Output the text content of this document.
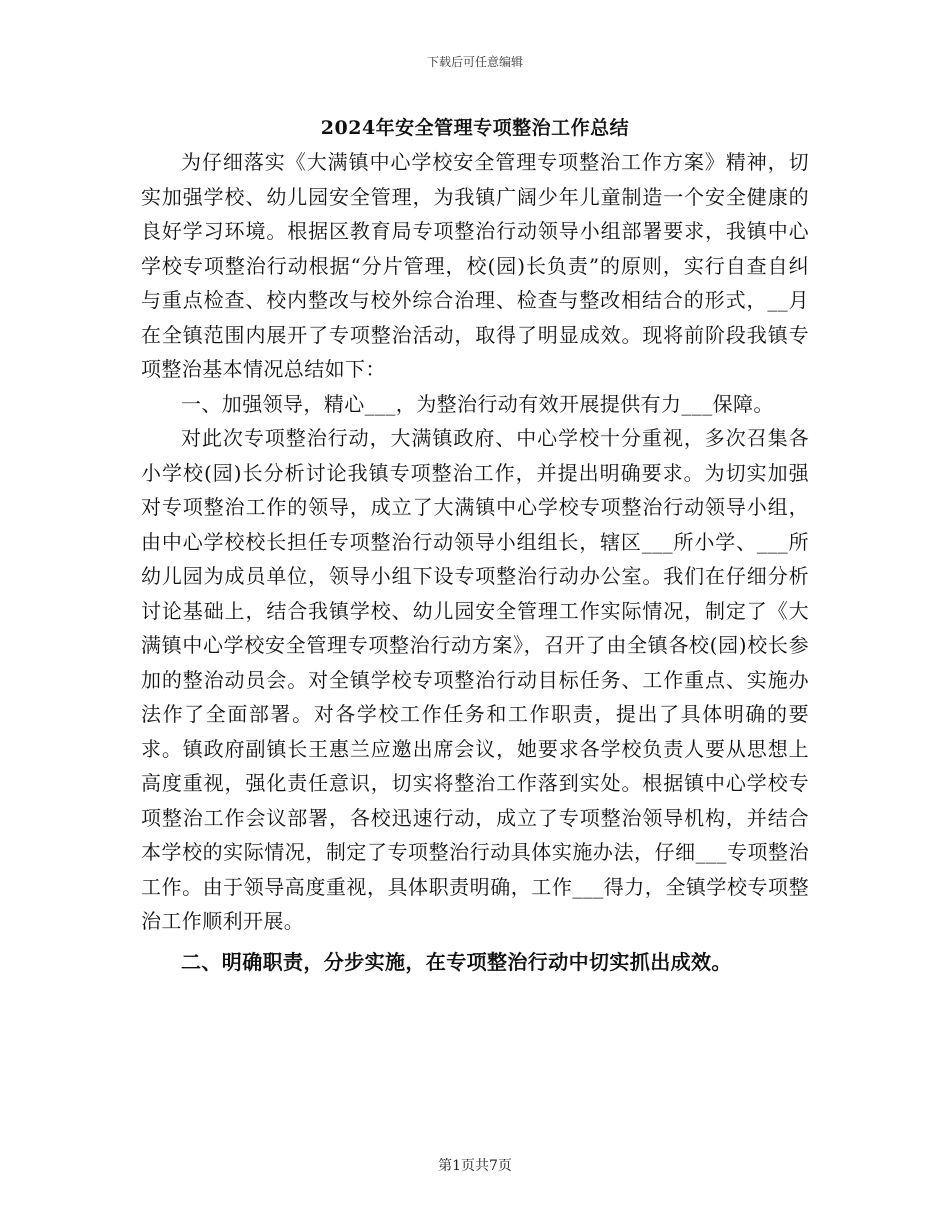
下载后可任意编辑
2024年安全管理专项整治工作总结

为仔细落实《大满镇中心学校安全管理专项整治工作方案》精神，切实加强学校、幼儿园安全管理，为我镇广阔少年儿童制造一个安全健康的良好学习环境。根据区教育局专项整治行动领导小组部署要求，我镇中心学校专项整治行动根据“分片管理，校(园)长负责”的原则，实行自查自纠与重点检查、校内整改与校外综合治理、检查与整改相结合的形式，__月在全镇范围内展开了专项整治活动，取得了明显成效。现将前阶段我镇专项整治基本情况总结如下：

一、加强领导，精心___，为整治行动有效开展提供有力___保障。

对此次专项整治行动，大满镇政府、中心学校十分重视，多次召集各小学校(园)长分析讨论我镇专项整治工作，并提出明确要求。为切实加强对专项整治工作的领导，成立了大满镇中心学校专项整治行动领导小组，由中心学校校长担任专项整治行动领导小组组长，辖区___所小学、___所幼儿园为成员单位，领导小组下设专项整治行动办公室。我们在仔细分析讨论基础上，结合我镇学校、幼儿园安全管理工作实际情况，制定了《大满镇中心学校安全管理专项整治行动方案》，召开了由全镇各校(园)校长参加的整治动员会。对全镇学校专项整治行动目标任务、工作重点、实施办法作了全面部署。对各学校工作任务和工作职责，提出了具体明确的要求。镇政府副镇长王惠兰应邀出席会议，她要求各学校负责人要从思想上高度重视，强化责任意识，切实将整治工作落到实处。根据镇中心学校专项整治工作会议部署，各校迅速行动，成立了专项整治领导机构，并结合本学校的实际情况，制定了专项整治行动具体实施办法，仔细___专项整治工作。由于领导高度重视，具体职责明确，工作___得力，全镇学校专项整治工作顺利开展。

二、明确职责，分步实施，在专项整治行动中切实抓出成效。

第1页共7页
